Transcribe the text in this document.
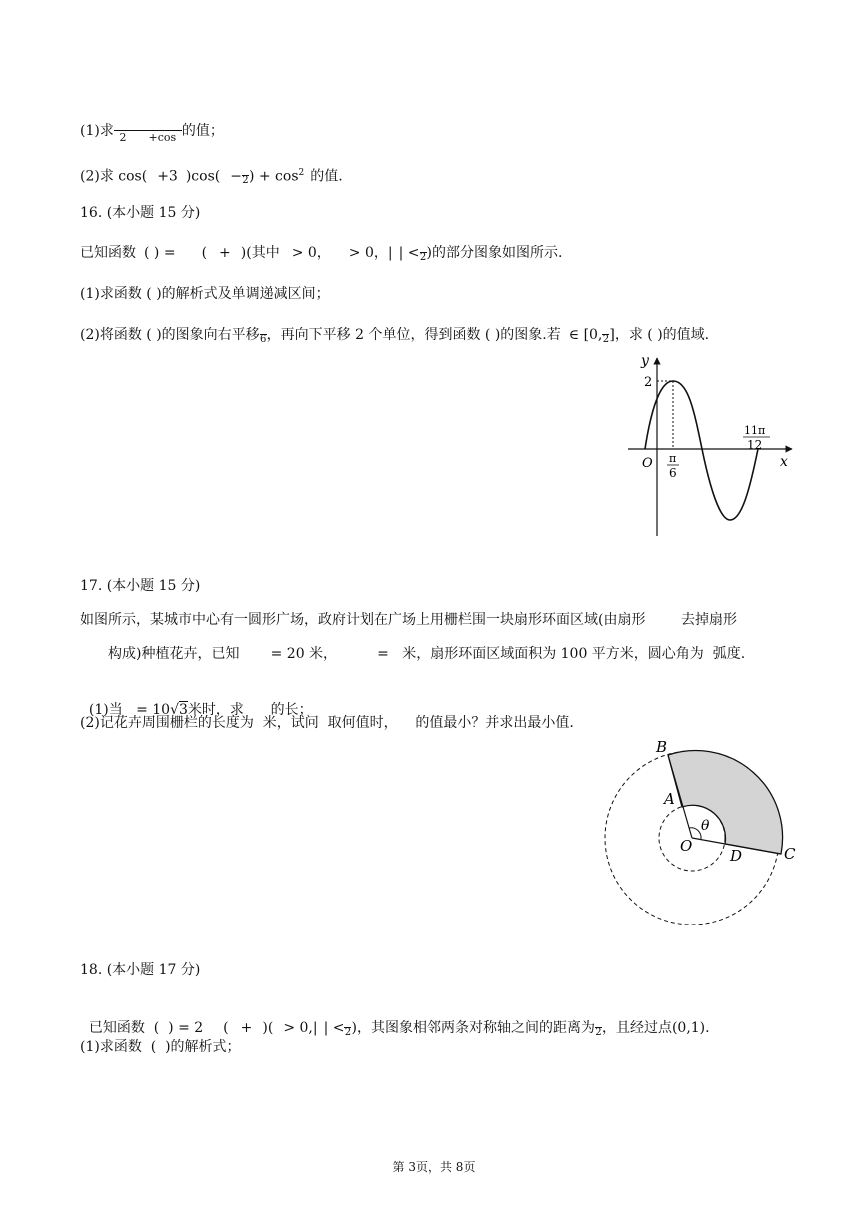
(1)求 2 +cos 的值；
(2)求 cos( +3 )cos( − 2 ) + $\cos^2$ 的值.
16. (本小题 15 分)
已知函数 ( ) = ( + )(其中 > 0， > 0，| | < 2 )的部分图象如图所示.
(1)求函数 ( )的解析式及单调递减区间；
(2)将函数 ( )的图象向右平移 6 ，再向下平移 2 个单位，得到函数 ( )的图象.若 ∈ [0, 2 ]，求 ( )的值域.
y
x
O
2
π
6
11π
12
17. (本小题 15 分)
如图所示，某城市中心有一圆形广场，政府计划在广场上用栅栏围一块扇形环面区域(由扇形        去掉扇形
构成)种植花卉，已知       = 20 米，         =   米，扇形环面区域面积为 100 平方米，圆心角为  弧度.

(1)当   = 10√3米时，求      的长；

(2)记花卉周围栅栏的长度为  米，试问  取何值时，    的值最小？并求出最小值.
B
A
θ
O
D	C
18. (本小题 17 分)

已知函数  (  ) = 2 ( + )( > 0,| | < 2 )，其图象相邻两条对称轴之间的距离为 2 ，且经过点(0,1).

(1)求函数  (  )的解析式；
第 3页，共 8页
